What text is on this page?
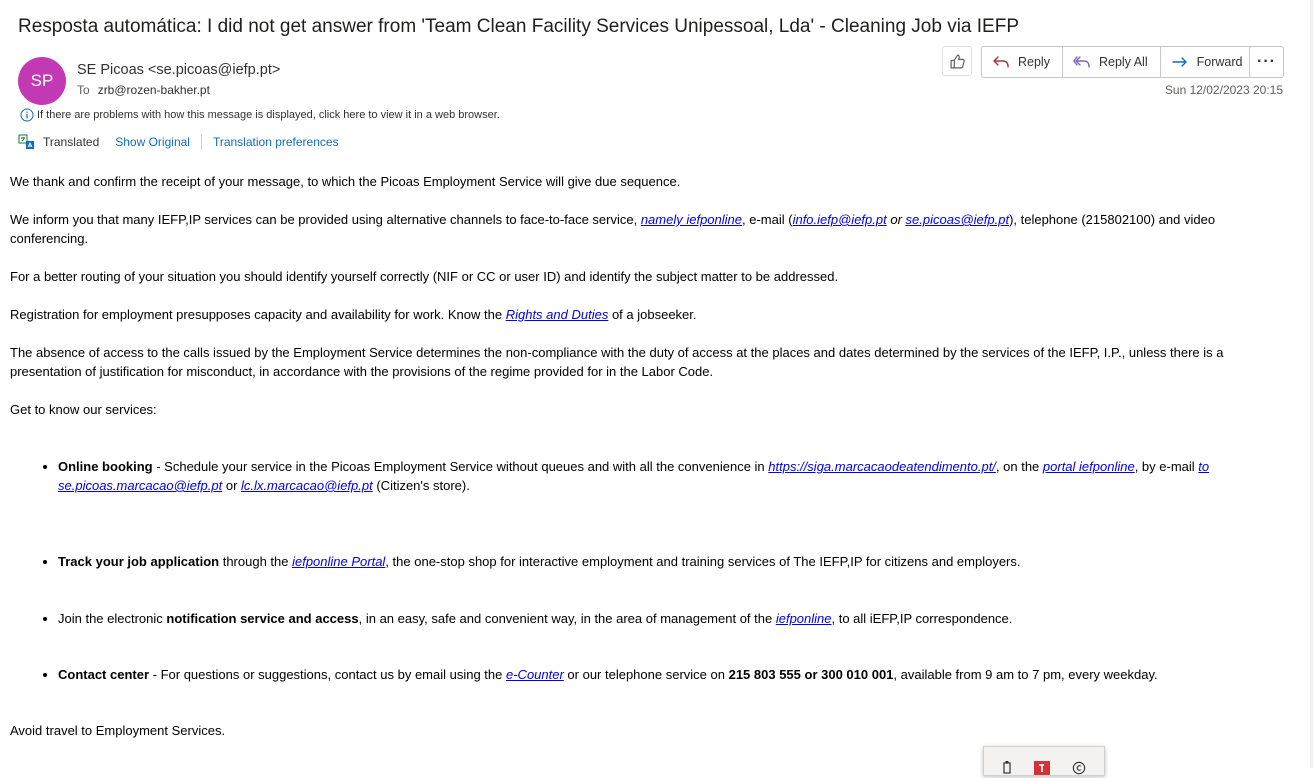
Resposta automática: I did not get answer from 'Team Clean Facility Services Unipessoal, Lda' - Cleaning Job via IEFP
SP
SE Picoas <se.picoas@iefp.pt>
To zrb@rozen-bakher.pt
Reply	Reply All	Forward ···
Sun 12/02/2023 20:15
If there are problems with how this message is displayed, click here to view it in a web browser.
Translated Show Original Translation preferences

We thank and confirm the receipt of your message, to which the Picoas Employment Service will give due sequence.

We inform you that many IEFP,IP services can be provided using alternative channels to face-to-face service, namely iefponline, e-mail (info.iefp@iefp.pt or se.picoas@iefp.pt), telephone (215802100) and video conferencing.

For a better routing of your situation you should identify yourself correctly (NIF or CC or user ID) and identify the subject matter to be addressed.

Registration for employment presupposes capacity and availability for work. Know the Rights and Duties of a jobseeker.

The absence of access to the calls issued by the Employment Service determines the non-compliance with the duty of access at the places and dates determined by the services of the IEFP, I.P., unless there is a presentation of justification for misconduct, in accordance with the provisions of the regime provided for in the Labor Code.

Get to know our services:

• Online booking - Schedule your service in the Picoas Employment Service without queues and with all the convenience in https://siga.marcacaodeatendimento.pt/, on the portal iefponline, by e-mail to se.picoas.marcacao@iefp.pt or lc.lx.marcacao@iefp.pt (Citizen's store).
• Track your job application through the iefponline Portal, the one-stop shop for interactive employment and training services of The IEFP,IP for citizens and employers.
• Join the electronic notification service and access, in an easy, safe and convenient way, in the area of management of the iefponline, to all iEFP,IP correspondence.
• Contact center - For questions or suggestions, contact us by email using the e-Counter or our telephone service on 215 803 555 or 300 010 001, available from 9 am to 7 pm, every weekday.

Avoid travel to Employment Services.
